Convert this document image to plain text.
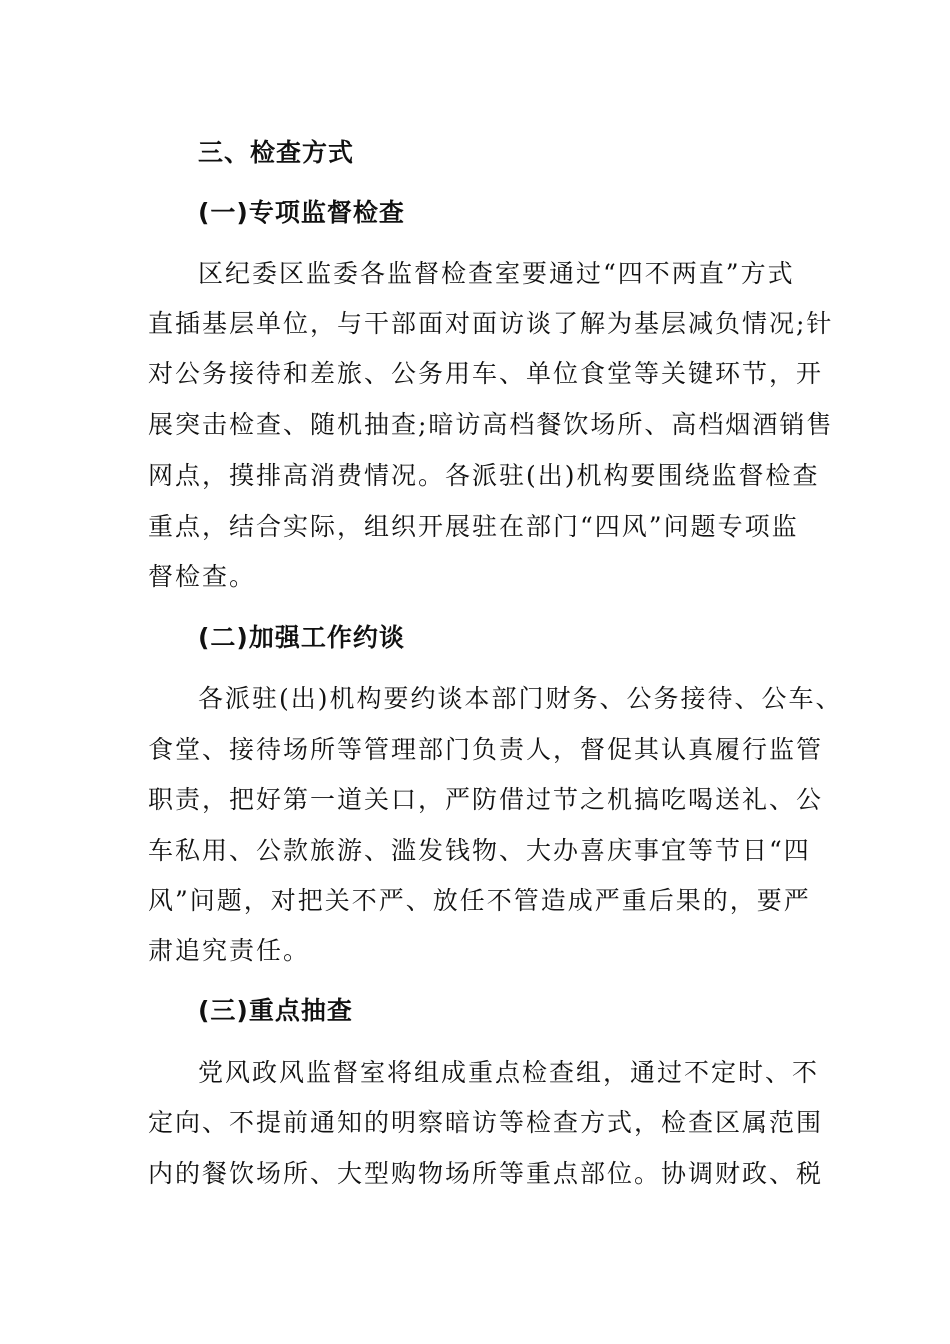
三、检查方式
(一)专项监督检查
区纪委区监委各监督检查室要通过“四不两直”方式
直插基层单位，与干部面对面访谈了解为基层减负情况;针
对公务接待和差旅、公务用车、单位食堂等关键环节，开
展突击检查、随机抽查;暗访高档餐饮场所、高档烟酒销售
网点，摸排高消费情况。各派驻(出)机构要围绕监督检查
重点，结合实际，组织开展驻在部门“四风”问题专项监
督检查。
(二)加强工作约谈
各派驻(出)机构要约谈本部门财务、公务接待、公车、
食堂、接待场所等管理部门负责人，督促其认真履行监管
职责，把好第一道关口，严防借过节之机搞吃喝送礼、公
车私用、公款旅游、滥发钱物、大办喜庆事宜等节日“四
风”问题，对把关不严、放任不管造成严重后果的，要严
肃追究责任。
(三)重点抽查
党风政风监督室将组成重点检查组，通过不定时、不
定向、不提前通知的明察暗访等检查方式，检查区属范围
内的餐饮场所、大型购物场所等重点部位。协调财政、税
